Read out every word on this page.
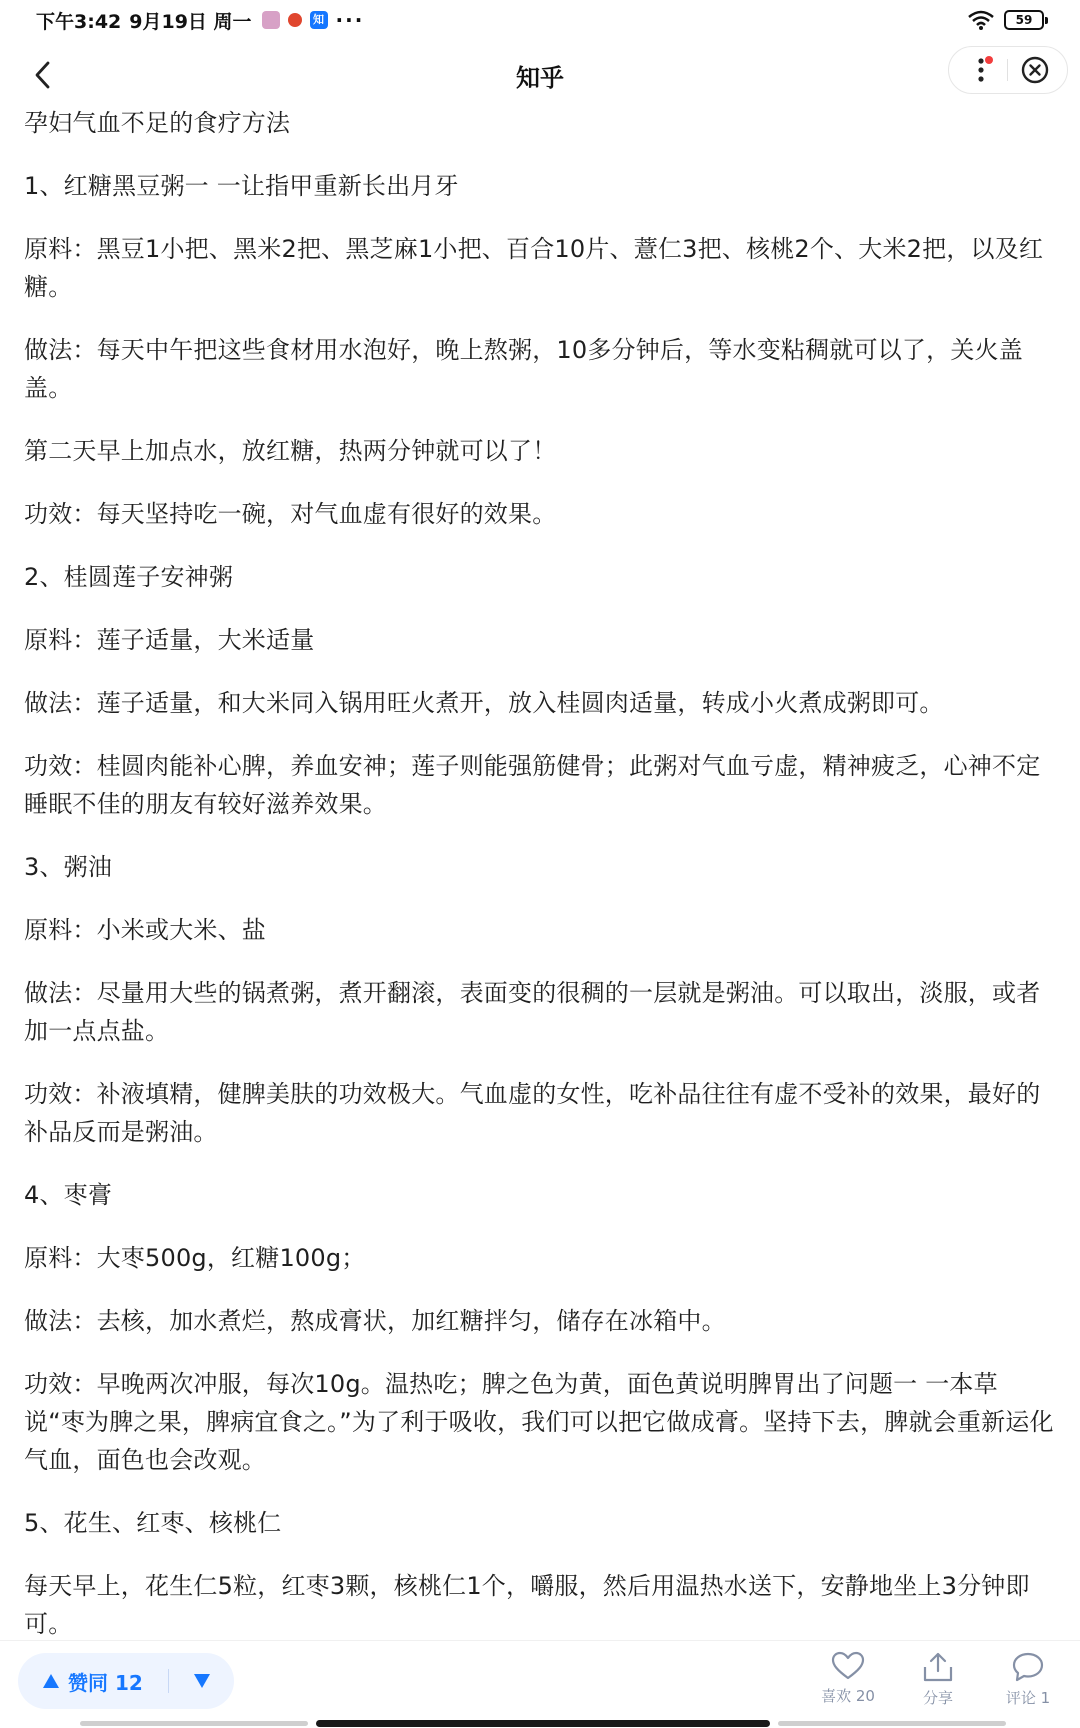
下午3:42 9月19日 周一	知 ···	59
知乎

孕妇气血不足的食疗方法

1、红糖黑豆粥一 一让指甲重新长出月牙

原料：黑豆1小把、黑米2把、黑芝麻1小把、百合10片、薏仁3把、核桃2个、大米2把，以及红糖。

做法：每天中午把这些食材用水泡好，晚上熬粥，10多分钟后，等水变粘稠就可以了，关火盖盖。

第二天早上加点水，放红糖，热两分钟就可以了！

功效：每天坚持吃一碗，对气血虚有很好的效果。

2、桂圆莲子安神粥

原料：莲子适量，大米适量

做法：莲子适量，和大米同入锅用旺火煮开，放入桂圆肉适量，转成小火煮成粥即可。

功效：桂圆肉能补心脾，养血安神；莲子则能强筋健骨；此粥对气血亏虚，精神疲乏，心神不定睡眠不佳的朋友有较好滋养效果。

3、粥油

原料：小米或大米、盐

做法：尽量用大些的锅煮粥，煮开翻滚，表面变的很稠的一层就是粥油。可以取出，淡服，或者加一点点盐。

功效：补液填精，健脾美肤的功效极大。气血虚的女性，吃补品往往有虚不受补的效果，最好的补品反而是粥油。

4、枣膏

原料：大枣500g，红糖100g；

做法：去核，加水煮烂，熬成膏状，加红糖拌匀，储存在冰箱中。

功效：早晚两次冲服，每次10g。温热吃；脾之色为黄，面色黄说明脾胃出了问题一 一本草说“枣为脾之果，脾病宜食之。”为了利于吸收，我们可以把它做成膏。坚持下去，脾就会重新运化气血，面色也会改观。

5、花生、红枣、核桃仁

每天早上，花生仁5粒，红枣3颗，核桃仁1个，嚼服，然后用温热水送下，安静地坐上3分钟即可。

赞同 12
喜欢 20	分享	评论 1
